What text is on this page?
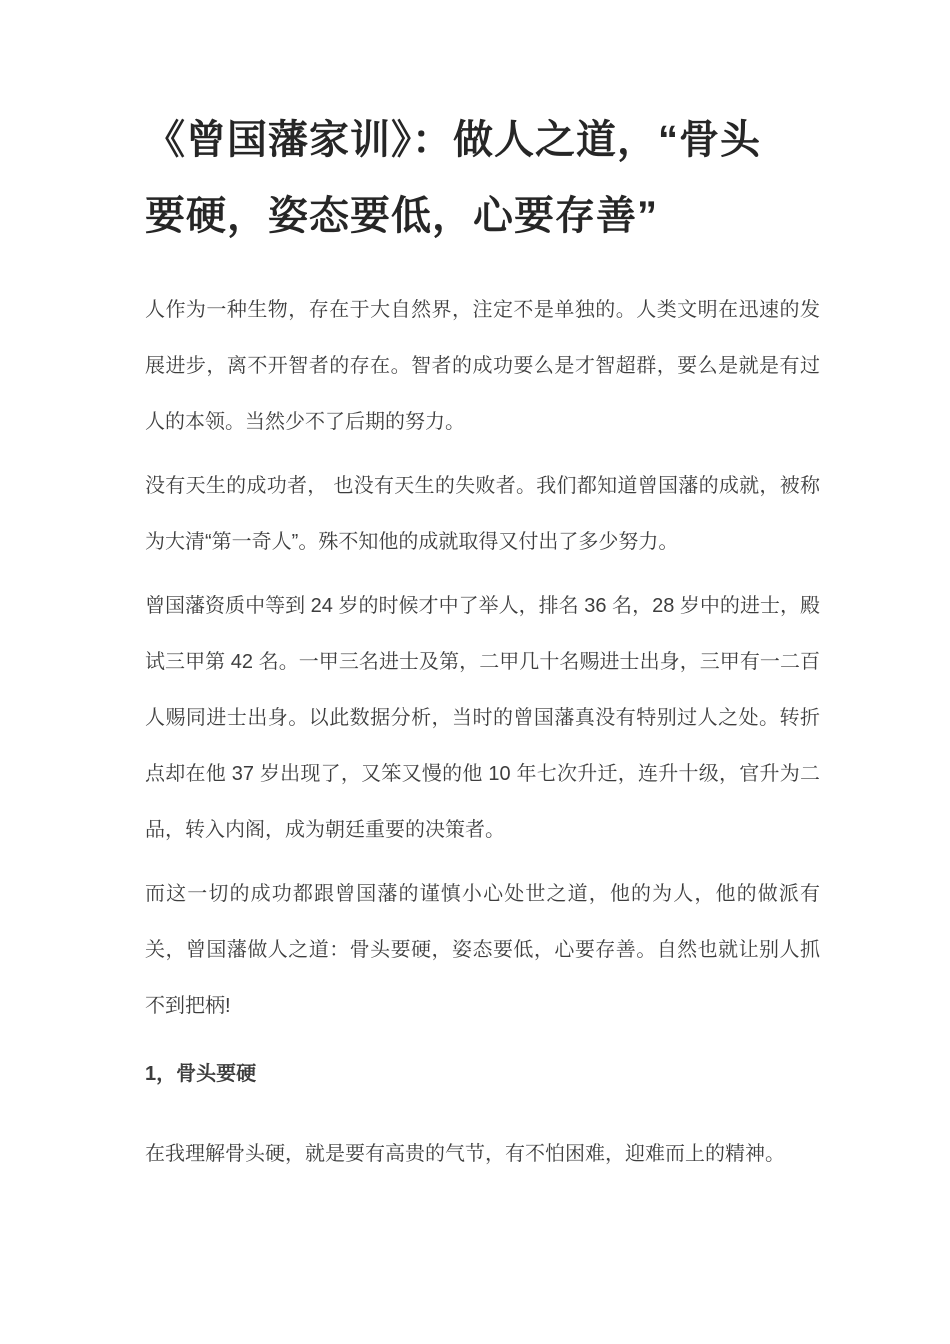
《曾国藩家训》：做人之道，“骨头
要硬，姿态要低，心要存善”

人作为一种生物，存在于大自然界，注定不是单独的。人类文明在迅速的发展进步，离不开智者的存在。智者的成功要么是才智超群，要么是就是有过人的本领。当然少不了后期的努力。

没有天生的成功者， 也没有天生的失败者。我们都知道曾国藩的成就，被称为大清“第一奇人”。殊不知他的成就取得又付出了多少努力。

曾国藩资质中等到 24 岁的时候才中了举人，排名 36 名，28 岁中的进士，殿试三甲第 42 名。一甲三名进士及第，二甲几十名赐进士出身，三甲有一二百人赐同进士出身。以此数据分析，当时的曾国藩真没有特别过人之处。转折点却在他 37 岁出现了，又笨又慢的他 10 年七次升迁，连升十级，官升为二品，转入内阁，成为朝廷重要的决策者。

而这一切的成功都跟曾国藩的谨慎小心处世之道，他的为人，他的做派有关，曾国藩做人之道：骨头要硬，姿态要低，心要存善。自然也就让别人抓不到把柄!

1，骨头要硬

在我理解骨头硬，就是要有高贵的气节，有不怕困难，迎难而上的精神。
